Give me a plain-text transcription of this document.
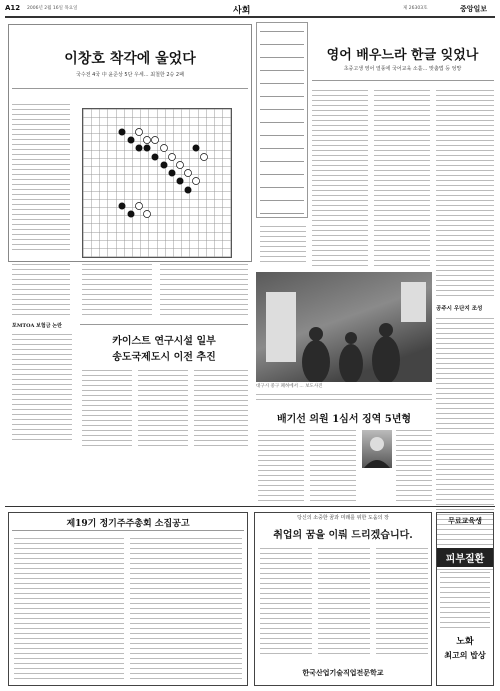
A12 2006년 2월 16일 목요일	사회	제 26303호	중앙일보
이창호 착각에 울었다
국수전 4국 中 윤준상 5단 우세… 최철한 2승 2패
영어 배우느라 한글 잊었나
초중고생 영어 열풍에 국어교육 소홀… 맞춤법 등 엉망
공주시 우단지 조성
대구시 중구 폐허에서 ... 보도사진
포MTOA 보험금 논란
카이스트 연구시설 일부
송도국제도시 이전 추진
배기선 의원 1심서 징역 5년형
제19기 정기주주총회 소집공고
당신의 소중한 꿈과 미래를 위한 도움의 장
취업의 꿈을 이뤄 드리겠습니다.
한국산업기술직업전문학교
무료교육생
피부질환
노화
최고의 밥상
